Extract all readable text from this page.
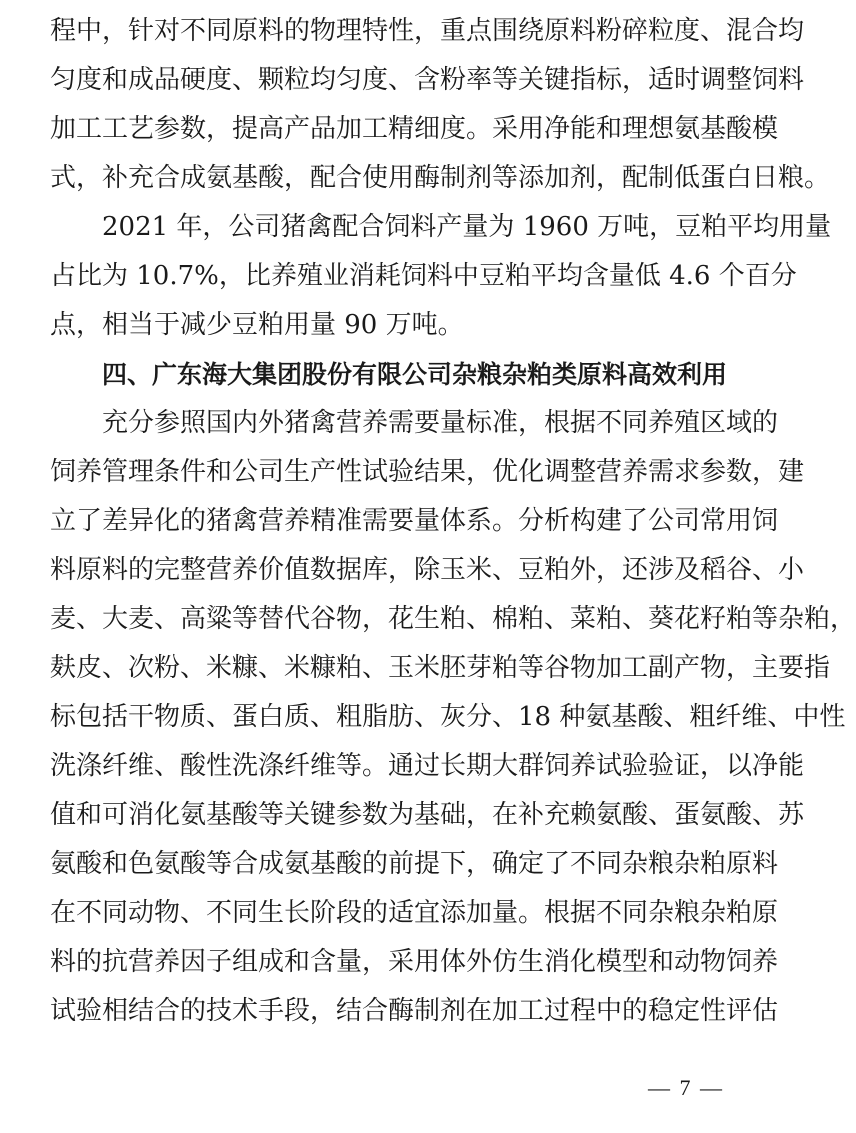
程中，针对不同原料的物理特性，重点围绕原料粉碎粒度、混合均
匀度和成品硬度、颗粒均匀度、含粉率等关键指标，适时调整饲料
加工工艺参数，提高产品加工精细度。采用净能和理想氨基酸模
式，补充合成氨基酸，配合使用酶制剂等添加剂，配制低蛋白日粮。
　　2021 年，公司猪禽配合饲料产量为 1960 万吨，豆粕平均用量
占比为 10.7%，比养殖业消耗饲料中豆粕平均含量低 4.6 个百分
点，相当于减少豆粕用量 90 万吨。
四、广东海大集团股份有限公司杂粮杂粕类原料高效利用
　　充分参照国内外猪禽营养需要量标准，根据不同养殖区域的
饲养管理条件和公司生产性试验结果，优化调整营养需求参数，建
立了差异化的猪禽营养精准需要量体系。分析构建了公司常用饲
料原料的完整营养价值数据库，除玉米、豆粕外，还涉及稻谷、小
麦、大麦、高粱等替代谷物，花生粕、棉粕、菜粕、葵花籽粕等杂粕，
麸皮、次粉、米糠、米糠粕、玉米胚芽粕等谷物加工副产物，主要指
标包括干物质、蛋白质、粗脂肪、灰分、18 种氨基酸、粗纤维、中性
洗涤纤维、酸性洗涤纤维等。通过长期大群饲养试验验证，以净能
值和可消化氨基酸等关键参数为基础，在补充赖氨酸、蛋氨酸、苏
氨酸和色氨酸等合成氨基酸的前提下，确定了不同杂粮杂粕原料
在不同动物、不同生长阶段的适宜添加量。根据不同杂粮杂粕原
料的抗营养因子组成和含量，采用体外仿生消化模型和动物饲养
试验相结合的技术手段，结合酶制剂在加工过程中的稳定性评估
— 7 —
